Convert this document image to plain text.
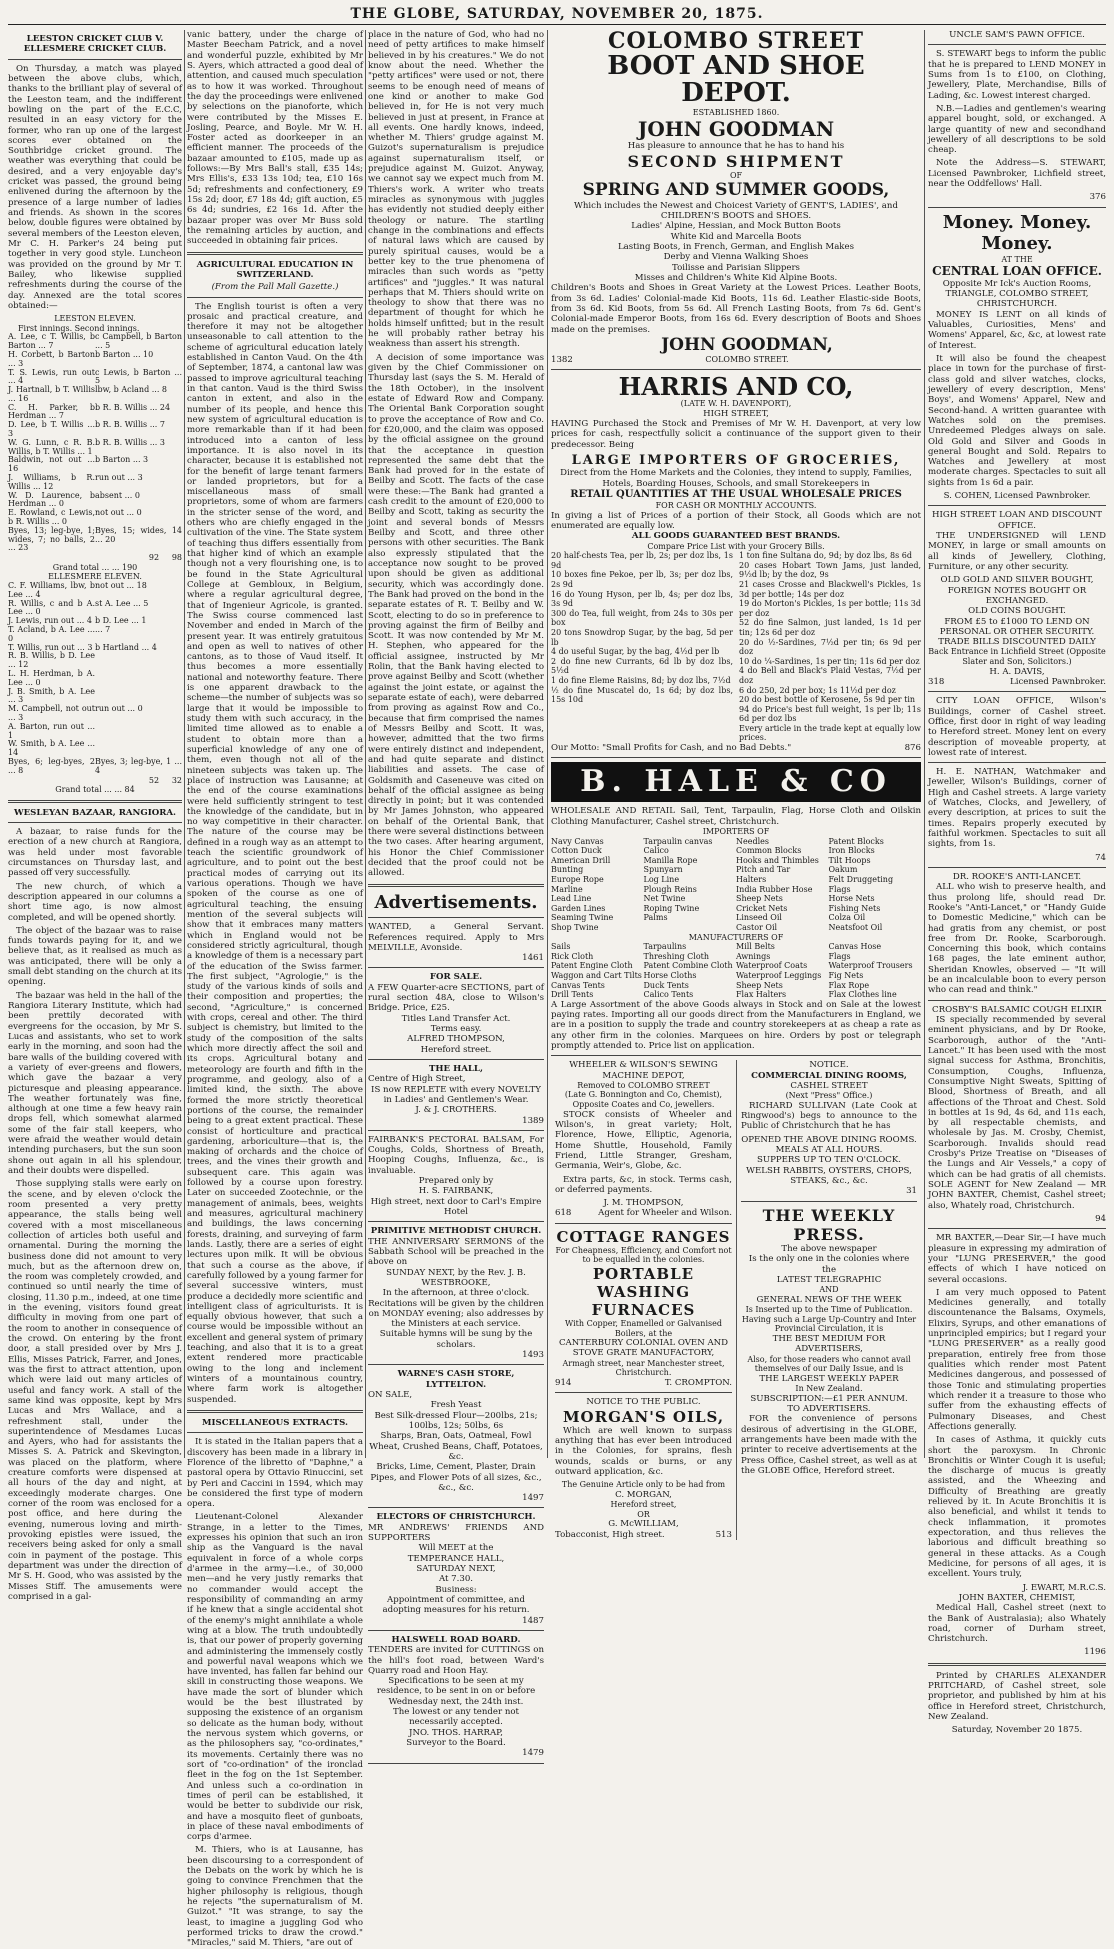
THE GLOBE, SATURDAY, NOVEMBER 20, 1875.
LEESTON CRICKET CLUB V. ELLESMERE CRICKET CLUB.

On Thursday, a match was played between the above clubs, which, thanks to the brilliant play of several of the Leeston team, and the indifferent bowling on the part of the E.C.C, resulted in an easy victory for the former, who ran up one of the largest scores ever obtained on the Southbridge cricket ground. The weather was everything that could be desired, and a very enjoyable day's cricket was passed, the ground being enlivened during the afternoon by the presence of a large number of ladies and friends. As shown in the scores below, double figures were obtained by several members of the Leeston eleven, Mr C. H. Parker's 24 being put together in very good style. Luncheon was provided on the ground by Mr T. Bailey, who likewise supplied refreshments during the course of the day. Annexed are the total scores obtained:—

LEESTON ELEVEN.
First innings. Second innings.
A. Lee, c T. Willis, b Barton ... 7	c Campbell, b Barton ... 5
H. Corbett, b Barton ... 3	b Barton ... 10
T. S. Lewis, run out ... 4	c Lewis, b Barton ... 5
J. Hartnall, b T. Willis ... 16	lbw, b Acland ... 8
C. H. Parker, b Herdman ... 7	b R. B. Willis ... 24
D. Lee, b T. Willis ... 3	b R. B. Willis ... 7
W. G. Lunn, c R. B. Willis, b T. Willis ... 1	b R. B. Willis ... 3
Baldwin, not out ... 16	b Barton ... 3
J. Williams, b R. Willis ... 12	run out ... 3
W. D. Laurence, b Herdman ... 0	absent ... 0
E. Rowland, c Lewis, b R. Willis ... 0	not out ... 0
Byes, 13; leg-bye, 1; wides, 7; no balls, 2 ... 23	Byes, 15; wides, 14 ... 20
92 98
Grand total ... ... 190
ELLESMERE ELEVEN.
C. F. Williams, lbw, b Lee ... 4	not out ... 18
R. Willis, c and b A. Lee ... 0	st A. Lee ... 5
J. Lewis, run out ... 4	b D. Lee ... 1
T. Acland, b A. Lee ... 0	... 7
T. Willis, run out ... 3	b Hartland ... 4
R. B. Willis, b D. Lee ... 12	
L. H. Herdman, b A. Lee ... 0	
J. B. Smith, b A. Lee ... 3	
M. Campbell, not out ... 3	run out ... 0
A. Barton, run out ... 1	
W. Smith, b A. Lee ... 14	
Byes, 6; leg-byes, 2 ... 8	Byes, 3; leg-bye, 1 ... 4
52 32
Grand total ... ... 84
WESLEYAN BAZAAR, RANGIORA.

A bazaar, to raise funds for the erection of a new church at Rangiora, was held under most favorable circumstances on Thursday last, and passed off very successfully.

The new church, of which a description appeared in our columns a short time ago, is now almost completed, and will be opened shortly.

The object of the bazaar was to raise funds towards paying for it, and we believe that, as it realised as much as was anticipated, there will be only a small debt standing on the church at its opening.

The bazaar was held in the hall of the Rangiora Literary Institute, which had been prettily decorated with evergreens for the occasion, by Mr S. Lucas and assistants, who set to work early in the morning, and soon had the bare walls of the building covered with a variety of ever-greens and flowers, which gave the bazaar a very picturesque and pleasing appearance. The weather fortunately was fine, although at one time a few heavy rain drops fell, which somewhat alarmed some of the fair stall keepers, who were afraid the weather would detain intending purchasers, but the sun soon shone out again in all his splendour, and their doubts were dispelled.

Those supplying stalls were early on the scene, and by eleven o'clock the room presented a very pretty appearance, the stalls being well covered with a most miscellaneous collection of articles both useful and ornamental. During the morning the business done did not amount to very much, but as the afternoon drew on, the room was completely crowded, and continued so until nearly the time of closing, 11.30 p.m., indeed, at one time in the evening, visitors found great difficulty in moving from one part of the room to another in consequence of the crowd. On entering by the front door, a stall presided over by Mrs J. Ellis, Misses Patrick, Farrer, and Jones, was the first to attract attention, upon which were laid out many articles of useful and fancy work. A stall of the same kind was opposite, kept by Mrs Lucas and Mrs Wallace, and a refreshment stall, under the superintendence of Mesdames Lucas and Ayers, who had for assistants the Misses S. A. Patrick and Skevington, was placed on the platform, where creature comforts were dispensed at all hours of the day and night, at exceedingly moderate charges. One corner of the room was enclosed for a post office, and here during the evening, numerous loving and mirth-provoking epistles were issued, the receivers being asked for only a small coin in payment of the postage. This department was under the direction of Mr S. H. Good, who was assisted by the Misses Stiff. The amusements were comprised in a gal-

vanic battery, under the charge of Master Beecham Patrick, and a novel and wonderful puzzle, exhibited by Mr S. Ayers, which attracted a good deal of attention, and caused much speculation as to how it was worked. Throughout the day the proceedings were enlivened by selections on the pianoforte, which were contributed by the Misses E. Josling, Pearce, and Boyle. Mr W. H. Foster acted as doorkeeper in an efficient manner. The proceeds of the bazaar amounted to £105, made up as follows:—By Mrs Ball's stall, £35 14s; Mrs Ellis's, £33 13s 10d; tea, £10 16s 5d; refreshments and confectionery, £9 15s 2d; door, £7 18s 4d; gift auction, £5 6s 4d; sundries, £2 16s 1d. After the bazaar proper was over Mr Buss sold the remaining articles by auction, and succeeded in obtaining fair prices.

AGRICULTURAL EDUCATION IN SWITZERLAND.
(From the Pall Mall Gazette.)

The English tourist is often a very prosaic and practical creature, and therefore it may not be altogether unseasonable to call attention to the scheme of agricultural education lately established in Canton Vaud. On the 4th of September, 1874, a cantonal law was passed to improve agricultural teaching in that canton. Vaud is the third Swiss canton in extent, and also in the number of its people, and hence this new system of agricultural education is more remarkable than if it had been introduced into a canton of less importance. It is also novel in its character, because it is established not for the benefit of large tenant farmers or landed proprietors, but for a miscellaneous mass of small proprietors, some of whom are farmers in the stricter sense of the word, and others who are chiefly engaged in the cultivation of the vine. The State system of teaching thus differs essentially from that higher kind of which an example though not a very flourishing one, is to be found in the State Agricultural College at Gembloux, in Belgium, where a regular agricultural degree, that of Ingenieur Agricole, is granted. The Swiss course commenced last November and ended in March of the present year. It was entirely gratuitous and open as well to natives of other cantons, as to those of Vaud itself. It thus becomes a more essentially national and noteworthy feature. There is one apparent drawback to the scheme—the number of subjects was so large that it would be impossible to study them with such accuracy, in the limited time allowed as to enable a student to obtain more than a superficial knowledge of any one of them, even though not all of the nineteen subjects was taken up. The place of instruction was Lausanne; at the end of the course examinations were held sufficiently stringent to test the knowledge of the candidate, but in no way competitive in their character. The nature of the course may be defined in a rough way as an attempt to teach the scientific groundwork of agriculture, and to point out the best practical modes of carrying out its various operations. Though we have spoken of the course as one of agricultural teaching, the ensuing mention of the several subjects will show that it embraces many matters which in England would not be considered strictly agricultural, though a knowledge of them is a necessary part of the education of the Swiss farmer. The first subject, "Agrologie," is the study of the various kinds of soils and their composition and properties; the second, "Agriculture," is concerned with crops, cereal and other. The third subject is chemistry, but limited to the study of the composition of the salts which more directly affect the soil and its crops. Agricultural botany and meteorology are fourth and fifth in the programme, and geology, also of a limited kind, the sixth. The above formed the more strictly theoretical portions of the course, the remainder being to a great extent practical. These consist of horticulture and practical gardening, arboriculture—that is, the making of orchards and the choice of trees, and the vines their growth and subsequent care. This again was followed by a course upon forestry. Later on succeeded Zootechnie, or the management of animals, bees, weights and measures, agricultural machinery and buildings, the laws concerning forests, draining, and surveying of farm lands. Lastly, there are a series of eight lectures upon milk. It will be obvious that such a course as the above, if carefully followed by a young farmer for several successive winters, must produce a decidedly more scientific and intelligent class of agriculturists. It is equally obvious however, that such a course would be impossible without an excellent and general system of primary teaching, and also that it is to a great extent rendered more practicable owing to the long and inclement winters of a mountainous country, where farm work is altogether suspended.

MISCELLANEOUS EXTRACTS.

It is stated in the Italian papers that a discovery has been made in a library in Florence of the libretto of "Daphne," a pastoral opera by Ottavio Rinuccini, set by Peri and Caccini in 1594, which may be considered the first type of modern opera.

Lieutenant-Colonel Alexander Strange, in a letter to the Times, expresses his opinion that such an iron ship as the Vanguard is the naval equivalent in force of a whole corps d'armee in the army—i.e., of 30,000 men—and he very justly remarks that no commander would accept the responsibility of commanding an army if he knew that a single accidental shot of the enemy's might annihilate a whole wing at a blow. The truth undoubtedly is, that our power of properly governing and administering the immensely costly and powerful naval weapons which we have invented, has fallen far behind our skill in constructing those weapons. We have made the sort of blunder which would be the best illustrated by supposing the existence of an organism so delicate as the human body, without the nervous system which governs, or as the philosophers say, "co-ordinates," its movements. Certainly there was no sort of "co-ordination" of the ironclad fleet in the fog on the 1st September. And unless such a co-ordination in times of peril can be established, it would be better to subdivide our risk, and have a mosquito fleet of gunboats, in place of these naval embodiments of corps d'armee.

M. Thiers, who is at Lausanne, has been discoursing to a correspondent of the Debats on the work by which he is going to convince Frenchmen that the higher philosophy is religious, though he rejects "the supernaturalism of M. Guizot." "It was strange, to say the least, to imagine a juggling God who performed tricks to draw the crowd." "Miracles," said M. Thiers, "are out of

place in the nature of God, who had no need of petty artifices to make himself believed in by his creatures." We do not know about the need. Whether the "petty artifices" were used or not, there seems to be enough need of means of one kind or another to make God believed in, for He is not very much believed in just at present, in France at all events. One hardly knows, indeed, whether M. Thiers' grudge against M. Guizot's supernaturalism is prejudice against supernaturalism itself, or prejudice against M. Guizot. Anyway, we cannot say we expect much from M. Thiers's work. A writer who treats miracles as synonymous with juggles has evidently not studied deeply either theology or nature. The startling change in the combinations and effects of natural laws which are caused by purely spiritual causes, would be a better key to the true phenomena of miracles than such words as "petty artifices" and "juggles." It was natural perhaps that M. Thiers should write on theology to show that there was no department of thought for which he holds himself unfitted; but in the result he will probably rather betray his weakness than assert his strength.

A decision of some importance was given by the Chief Commissioner on Thursday last (says the S. M. Herald of the 18th October), in the insolvent estate of Edward Row and Company. The Oriental Bank Corporation sought to prove the acceptance of Row and Co. for £20,000, and the claim was opposed by the official assignee on the ground that the acceptance in question represented the same debt that the Bank had proved for in the estate of Beilby and Scott. The facts of the case were these:—The Bank had granted a cash credit to the amount of £20,000 to Beilby and Scott, taking as security the joint and several bonds of Messrs Beilby and Scott, and three other persons with other securities. The Bank also expressly stipulated that the acceptance now sought to be proved upon should be given as additional security, which was accordingly done. The Bank had proved on the bond in the separate estates of R. T. Beilby and W. Scott, electing to do so in preference to proving against the firm of Beilby and Scott. It was now contended by Mr M. H. Stephen, who appeared for the official assignee, instructed by Mr Rolin, that the Bank having elected to prove against Beilby and Scott (whether against the joint estate, or against the separate estate of each), were debarred from proving as against Row and Co., because that firm comprised the names of Messrs Beilby and Scott. It was, however, admitted that the two firms were entirely distinct and independent, and had quite separate and distinct liabilities and assets. The case of Goldsmith and Caseneuve was cited on behalf of the official assignee as being directly in point; but it was contended by Mr James Johnston, who appeared on behalf of the Oriental Bank, that there were several distinctions between the two cases. After hearing argument, his Honor the Chief Commissioner decided that the proof could not be allowed.

Advertisements.
WANTED, a General Servant. References required. Apply to Mrs MELVILLE, Avonside.
1461
FOR SALE.
A FEW Quarter-acre SECTIONS, part of rural section 48A, close to Wilson's Bridge. Price, £25.
Titles Land Transfer Act.
Terms easy.
ALFRED THOMPSON,
Hereford street.
THE HALL,
Centre of High Street,
IS now REPLETE with every NOVELTY in Ladies' and Gentlemen's Wear.
J. & J. CROTHERS.
1389
FAIRBANK'S PECTORAL BALSAM, For Coughs, Colds, Shortness of Breath, Hooping Coughs, Influenza, &c., is invaluable.
Prepared only by
H. S. FAIRBANK,
High street, next door to Carl's Empire Hotel
PRIMITIVE METHODIST CHURCH.
THE ANNIVERSARY SERMONS of the Sabbath School will be preached in the above on
SUNDAY NEXT, by the Rev. J. B. WESTBROOKE,
In the afternoon, at three o'clock.
Recitations will be given by the children on MONDAY evening; also addresses by the Ministers at each service.
Suitable hymns will be sung by the scholars.
1493
WARNE'S CASH STORE, LYTTELTON.
ON SALE,
Fresh Yeast
Best Silk-dressed Flour—200lbs, 21s; 100lbs, 12s; 50lbs, 6s
Sharps, Bran, Oats, Oatmeal, Fowl Wheat, Crushed Beans, Chaff, Potatoes, &c.
Bricks, Lime, Cement, Plaster, Drain Pipes, and Flower Pots of all sizes, &c., &c., &c.
1497
ELECTORS OF CHRISTCHURCH.
MR ANDREWS' FRIENDS AND SUPPORTERS
Will MEET at the
TEMPERANCE HALL,
SATURDAY NEXT,
At 7.30.
Business:
Appointment of committee, and adopting measures for his return.
1487
HALSWELL ROAD BOARD.
TENDERS are invited for CUTTINGS on the hill's foot road, between Ward's Quarry road and Hoon Hay.
Specifications to be seen at my residence, to be sent in on or before Wednesday next, the 24th inst.
The lowest or any tender not necessarily accepted.
JNO. THOS. HARRAP,
Surveyor to the Board.
1479
COLOMBO STREET
BOOT AND SHOE DEPOT.
ESTABLISHED 1860.
JOHN GOODMAN
Has pleasure to announce that he has to hand his
SECOND SHIPMENT
OF
SPRING AND SUMMER GOODS,
Which includes the Newest and Choicest Variety of GENT'S, LADIES', and CHILDREN'S BOOTS and SHOES.
Ladies' Alpine, Hessian, and Mock Button Boots
White Kid and Marcella Boots
Lasting Boots, in French, German, and English Makes
Derby and Vienna Walking Shoes
Toilisse and Parisian Slippers
Misses and Children's White Kid Alpine Boots.
Children's Boots and Shoes in Great Variety at the Lowest Prices. Leather Boots, from 3s 6d. Ladies' Colonial-made Kid Boots, 11s 6d. Leather Elastic-side Boots, from 3s 6d. Kid Boots, from 5s 6d. All French Lasting Boots, from 7s 6d. Gent's Colonial-made Emperor Boots, from 16s 6d. Every description of Boots and Shoes made on the premises.
1382
JOHN GOODMAN,
COLOMBO STREET.
HARRIS AND CO,
(LATE W. H. DAVENPORT),
HIGH STREET,

HAVING Purchased the Stock and Premises of Mr W. H. Davenport, at very low prices for cash, respectfully solicit a continuance of the support given to their predecessor. Being

LARGE IMPORTERS OF GROCERIES,
Direct from the Home Markets and the Colonies, they intend to supply, Families, Hotels, Boarding Houses, Schools, and small Storekeepers in
RETAIL QUANTITIES AT THE USUAL WHOLESALE PRICES
FOR CASH OR MONTHLY ACCOUNTS.
In giving a list of Prices of a portion of their Stock, all Goods which are not enumerated are equally low.
ALL GOODS GUARANTEED BEST BRANDS.
Compare Price List with your Grocery Bills.
20 half-chests Tea, per lb, 2s; per doz lbs, 1s 9d
10 boxes fine Pekoe, per lb, 3s; per doz lbs, 2s 9d
16 do Young Hyson, per lb, 4s; per doz lbs, 3s 9d
300 do Tea, full weight, from 24s to 30s per box
20 tons Snowdrop Sugar, by the bag, 5d per lb
4 do useful Sugar, by the bag, 4½d per lb
2 do fine new Currants, 6d lb by doz lbs, 5½d
1 do fine Eleme Raisins, 8d; by doz lbs, 7½d
½ do fine Muscatel do, 1s 6d; by doz lbs, 15s 10d
1 ton fine Sultana do, 9d; by doz lbs, 8s 6d
20 cases Hobart Town Jams, just landed, 9½d lb; by the doz, 9s
21 cases Crosse and Blackwell's Pickles, 1s 3d per bottle; 14s per doz
19 do Morton's Pickles, 1s per bottle; 11s 3d per doz
52 do fine Salmon, just landed, 1s 1d per tin; 12s 6d per doz
20 do ½-Sardines, 7½d per tin; 6s 9d per doz
10 do ¼-Sardines, 1s per tin; 11s 6d per doz
4 do Bell and Black's Plaid Vestas, 7½d per doz
6 do 250, 2d per box; 1s 11½d per doz
20 do best bottle of Kerosene, 5s 9d per tin
94 do Price's best full weight, 1s per lb; 11s 6d per doz lbs
Every article in the trade kept at equally low prices.
Our Motto: "Small Profits for Cash, and no Bad Debts."	876
B. HALE & CO
WHOLESALE AND RETAIL Sail, Tent, Tarpaulin, Flag, Horse Cloth and Oilskin Clothing Manufacturer, Cashel street, Christchurch.
IMPORTERS OF
Navy Canvas	Tarpaulin canvas	Needles	Patent Blocks
Cotton Duck	Calico	Common Blocks	Iron Blocks
American Drill	Manilla Rope	Hooks and Thimbles	Tilt Hoops
Bunting	Spunyarn	Pitch and Tar	Oakum
Europe Rope	Log Line	Halters	Felt Druggeting
Marline	Plough Reins	India Rubber Hose	Flags
Lead Line	Net Twine	Sheep Nets	Horse Nets
Garden Lines	Roping Twine	Cricket Nets	Fishing Nets
Seaming Twine	Palms	Linseed Oil	Colza Oil
Shop Twine	Castor Oil	Neatsfoot Oil
MANUFACTURERS OF
Sails	Tarpaulins	Mill Belts	Canvas Hose
Rick Cloth	Threshing Cloth	Awnings	Flags
Patent Engine Cloth	Patent Combine Cloth Waterproof Coats	Waterproof Trousers
Waggon and Cart Tilts Horse Cloths	Waterproof Leggings Fig Nets
Canvas Tents	Duck Tents	Sheep Nets	Flax Rope
Drill Tents	Calico Tents	Flax Halters	Flax Clothes line
A Large Assortment of the above Goods always in Stock and on Sale at the lowest paying rates. Importing all our goods direct from the Manufacturers in England, we are in a position to supply the trade and country storekeepers at as cheap a rate as any other firm in the colonies. Marquees on hire. Orders by post or telegraph promptly attended to. Price list on application.
WHEELER & WILSON'S SEWING MACHINE DEPOT,
Removed to COLOMBO STREET
(Late G. Bonnington and Co, Chemist), Opposite Coates and Co, jewellers.

STOCK consists of Wheeler and Wilson's, in great variety; Holt, Florence, Howe, Elliptic, Agenoria, Home Shuttle, Household, Family Friend, Little Stranger, Gresham, Germania, Weir's, Globe, &c.

Extra parts, &c, in stock. Terms cash, or deferred payments.

J. M. THOMPSON,
618	Agent for Wheeler and Wilson.
COTTAGE RANGES
For Cheapness, Efficiency, and Comfort not to be equalled in the colonies.
PORTABLE WASHING FURNACES
With Copper, Enamelled or Galvanised Boilers, at the
CANTERBURY COLONIAL OVEN AND STOVE GRATE MANUFACTORY,
Armagh street, near Manchester street, Christchurch.
914	T. CROMPTON.
NOTICE TO THE PUBLIC.
MORGAN'S OILS,

Which are well known to surpass anything that has ever been introduced in the Colonies, for sprains, flesh wounds, scalds or burns, or any outward application, &c.

The Genuine Article only to be had from
C. MORGAN,
Hereford street,
OR
G. McWILLIAM,
Tobacconist, High street.	513
NOTICE.
COMMERCIAL DINING ROOMS,
CASHEL STREET
(Next "Press" Office.)

RICHARD SULLIVAN (Late Cook at Ringwood's) begs to announce to the Public of Christchurch that he has

OPENED THE ABOVE DINING ROOMS.
MEALS AT ALL HOURS.
SUPPERS UP TO TEN O'CLOCK.
WELSH RABBITS, OYSTERS, CHOPS, STEAKS, &c., &c.
31
THE WEEKLY PRESS.
The above newspaper
Is the only one in the colonies where the
LATEST TELEGRAPHIC
AND
GENERAL NEWS OF THE WEEK
Is Inserted up to the Time of Publication.
Having such a Large Up-Country and Inter Provincial Circulation, it is
THE BEST MEDIUM FOR ADVERTISERS,
Also, for those readers who cannot avail themselves of our Daily Issue, and is
THE LARGEST WEEKLY PAPER
In New Zealand.
SUBSCRIPTION:—£1 PER ANNUM.
TO ADVERTISERS.

FOR the convenience of persons desirous of advertising in the GLOBE, arrangements have been made with the printer to receive advertisements at the Press Office, Cashel street, as well as at the GLOBE Office, Hereford street.

UNCLE SAM'S PAWN OFFICE.

S. STEWART begs to inform the public that he is prepared to LEND MONEY in Sums from 1s to £100, on Clothing, Jewellery, Plate, Merchandise, Bills of Lading, &c. Lowest interest charged.

N.B.—Ladies and gentlemen's wearing apparel bought, sold, or exchanged. A large quantity of new and secondhand jewellery of all descriptions to be sold cheap.

Note the Address—S. STEWART, Licensed Pawnbroker, Lichfield street, near the Oddfellows' Hall.

376
Money. Money. Money.
AT THE
CENTRAL LOAN OFFICE.
Opposite Mr Ick's Auction Rooms, TRIANGLE, COLOMBO STREET, CHRISTCHURCH.

MONEY IS LENT on all kinds of Valuables, Curiosities, Mens' and Womens' Apparel, &c, &c, at lowest rate of Interest.

It will also be found the cheapest place in town for the purchase of first-class gold and silver watches, clocks, jewellery of every description, Mens' Boys', and Womens' Apparel, New and Second-hand. A written guarantee with Watches sold on the premises. Unredeemed Pledges always on sale. Old Gold and Silver and Goods in general Bought and Sold. Repairs to Watches and Jewellery at most moderate charges. Spectacles to suit all sights from 1s 6d a pair.

S. COHEN, Licensed Pawnbroker.
HIGH STREET LOAN AND DISCOUNT OFFICE.

THE UNDERSIGNED will LEND MONEY, in large or small amounts on all kinds of Jewellery, Clothing, Furniture, or any other security.

OLD GOLD AND SILVER BOUGHT, FOREIGN NOTES BOUGHT OR EXCHANGED.
OLD COINS BOUGHT.
FROM £5 to £1000 TO LEND ON PERSONAL OR OTHER SECURITY.
TRADE BILLS DISCOUNTED DAILY
Back Entrance in Lichfield Street (Opposite Slater and Son, Solicitors.)
H. A. DAVIS,
318	Licensed Pawnbroker.

CITY LOAN OFFICE, Wilson's Buildings, corner of Cashel street. Office, first door in right of way leading to Hereford street. Money lent on every description of moveable property, at lowest rate of interest.

H. E. NATHAN, Watchmaker and Jeweller, Wilson's Buildings, corner of High and Cashel streets. A large variety of Watches, Clocks, and Jewellery, of every description, at prices to suit the times. Repairs properly executed by faithful workmen. Spectacles to suit all sights, from 1s.

74
DR. ROOKE'S ANTI-LANCET.

ALL who wish to preserve health, and thus prolong life, should read Dr. Rooke's "Anti-Lancet," or "Handy Guide to Domestic Medicine," which can be had gratis from any chemist, or post free from Dr. Rooke, Scarborough. Concerning this book, which contains 168 pages, the late eminent author, Sheridan Knowles, observed — "It will be an incalculable boon to every person who can read and think."

CROSBY'S BALSAMIC COUGH ELIXIR

IS specially recommended by several eminent physicians, and by Dr Rooke, Scarborough, author of the "Anti-Lancet." It has been used with the most signal success for Asthma, Bronchitis, Consumption, Coughs, Influenza, Consumptive Night Sweats, Spitting of Blood, Shortness of Breath, and all affections of the Throat and Chest. Sold in bottles at 1s 9d, 4s 6d, and 11s each, by all respectable chemists, and wholesale by Jas. M. Crosby, Chemist, Scarborough. Invalids should read Crosby's Prize Treatise on "Diseases of the Lungs and Air Vessels," a copy of which can be had gratis of all chemists. SOLE AGENT for New Zealand — MR JOHN BAXTER, Chemist, Cashel street; also, Whately road, Christchurch.

94

MR BAXTER,—Dear Sir,—I have much pleasure in expressing my admiration of your "LUNG PRESERVER," the good effects of which I have noticed on several occasions.

I am very much opposed to Patent Medicines generally, and totally discountenance the Balsams, Oxymels, Elixirs, Syrups, and other emanations of unprincipled empirics; but I regard your "LUNG PRESERVER" as a really good preparation, entirely free from those qualities which render most Patent Medicines dangerous, and possessed of those Tonic and stimulating properties which render it a treasure to those who suffer from the exhausting effects of Pulmonary Diseases, and Chest Affections generally.

In cases of Asthma, it quickly cuts short the paroxysm. In Chronic Bronchitis or Winter Cough it is useful; the discharge of mucus is greatly assisted, and the Wheezing and Difficulty of Breathing are greatly relieved by it. In Acute Bronchitis it is also beneficial, and whilst it tends to check inflammation, it promotes expectoration, and thus relieves the laborious and difficult breathing so general in these attacks. As a Cough Medicine, for persons of all ages, it is excellent. Yours truly,

J. EWART, M.R.C.S.
JOHN BAXTER, CHEMIST,

Medical Hall, Cashel street (next to the Bank of Australasia); also Whately road, corner of Durham street, Christchurch.

1196

Printed by CHARLES ALEXANDER PRITCHARD, of Cashel street, sole proprietor, and published by him at his office in Hereford street, Christchurch, New Zealand.

Saturday, November 20 1875.
